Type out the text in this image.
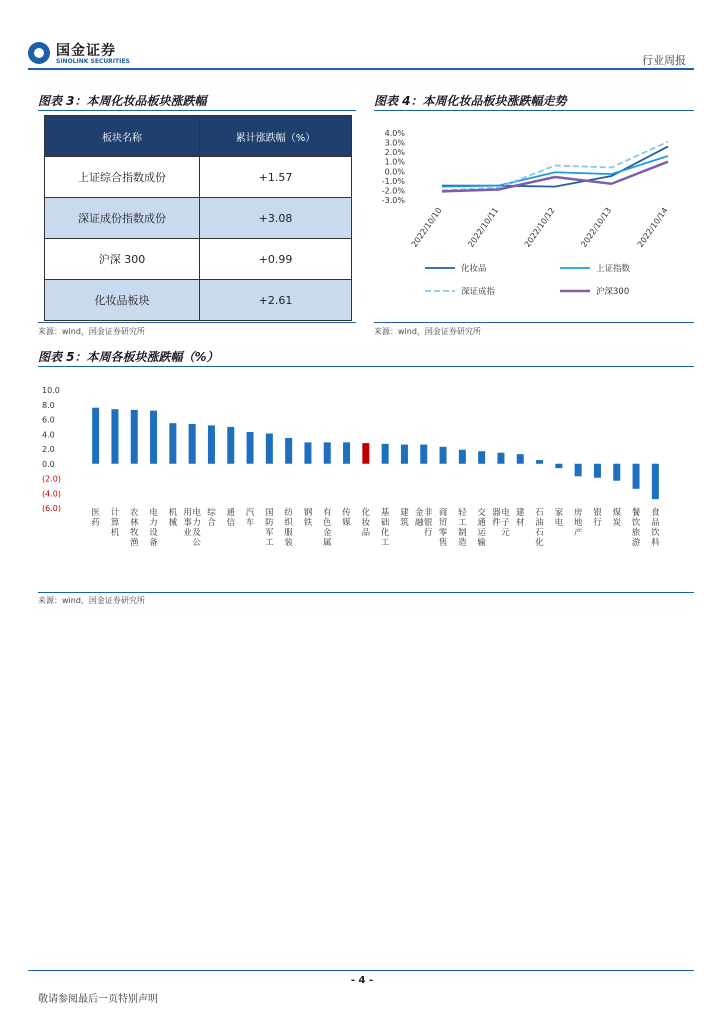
国金证券
SINOLINK SECURITIES	行业周报
图表 3：本周化妆品板块涨跌幅
板块名称	累计涨跌幅（%）
上证综合指数成份	+1.57
深证成份指数成份	+3.08
沪深 300	+0.99
化妆品板块	+2.61
来源：wind，国金证券研究所
图表 4：本周化妆品板块涨跌幅走势
4.0%
3.0%
2.0%
1.0%
0.0%
-1.0%
-2.0%
-3.0%
2022/10/10	2022/10/11	2022/10/12	2022/10/13	2022/10/14
化妆品	上证指数
深证成指	沪深300
来源：wind，国金证券研究所
图表 5：本周各板块涨跌幅（%）
10.0
8.0
6.0
4.0
2.0
0.0
(2.0)
(4.0)
(6.0)	医药
计算机
农林牧渔
电力设备
机械
电力及公
用事业
综合
通信
汽车
国防军工
纺织服装
钢铁
有色金属
传媒
化妆品
基础化工
建筑
非银行
金融
商贸零售
轻工制造
交通运输
电子元
器件
建材
石油石化
家电
房地产
银行
煤炭
餐饮旅游
食品饮料
来源：wind、国金证券研究所
- 4 -
敬请参阅最后一页特别声明
